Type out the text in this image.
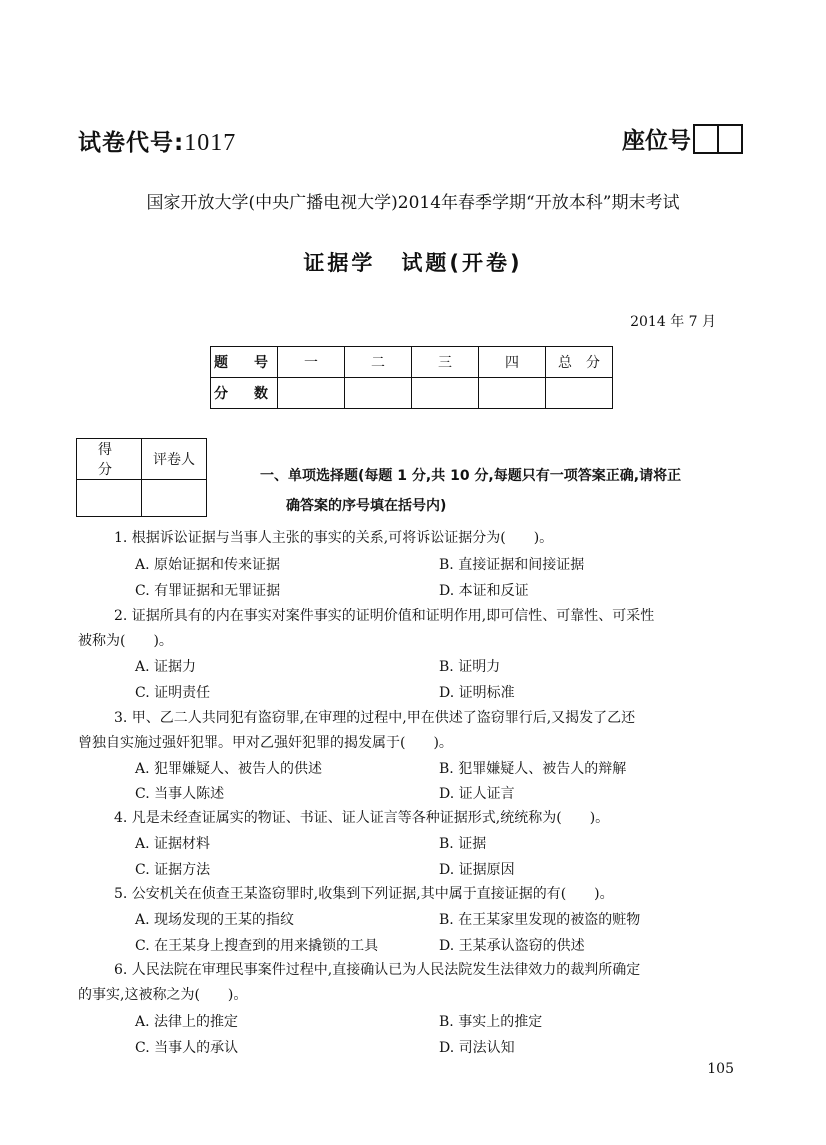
试卷代号:1017	座位号
国家开放大学(中央广播电视大学)2014年春季学期“开放本科”期末考试
证据学 试题(开卷)
2014 年 7 月
题　号	一	二	三	四	总　分
分　数					
得　分	评卷人

一、单项选择题(每题 1 分,共 10 分,每题只有一项答案正确,请将正
确答案的序号填在括号内)
1. 根据诉讼证据与当事人主张的事实的关系,可将诉讼证据分为(　　)。
A. 原始证据和传来证据	B. 直接证据和间接证据
C. 有罪证据和无罪证据	D. 本证和反证
2. 证据所具有的内在事实对案件事实的证明价值和证明作用,即可信性、可靠性、可采性
被称为(　　)。
A. 证据力	B. 证明力
C. 证明责任	D. 证明标准
3. 甲、乙二人共同犯有盗窃罪,在审理的过程中,甲在供述了盗窃罪行后,又揭发了乙还
曾独自实施过强奸犯罪。甲对乙强奸犯罪的揭发属于(　　)。
A. 犯罪嫌疑人、被告人的供述	B. 犯罪嫌疑人、被告人的辩解
C. 当事人陈述	D. 证人证言
4. 凡是未经查证属实的物证、书证、证人证言等各种证据形式,统统称为(　　)。
A. 证据材料	B. 证据
C. 证据方法	D. 证据原因
5. 公安机关在侦查王某盗窃罪时,收集到下列证据,其中属于直接证据的有(　　)。
A. 现场发现的王某的指纹	B. 在王某家里发现的被盗的赃物
C. 在王某身上搜查到的用来撬锁的工具	D. 王某承认盗窃的供述
6. 人民法院在审理民事案件过程中,直接确认已为人民法院发生法律效力的裁判所确定
的事实,这被称之为(　　)。
A. 法律上的推定	B. 事实上的推定
C. 当事人的承认	D. 司法认知
105
